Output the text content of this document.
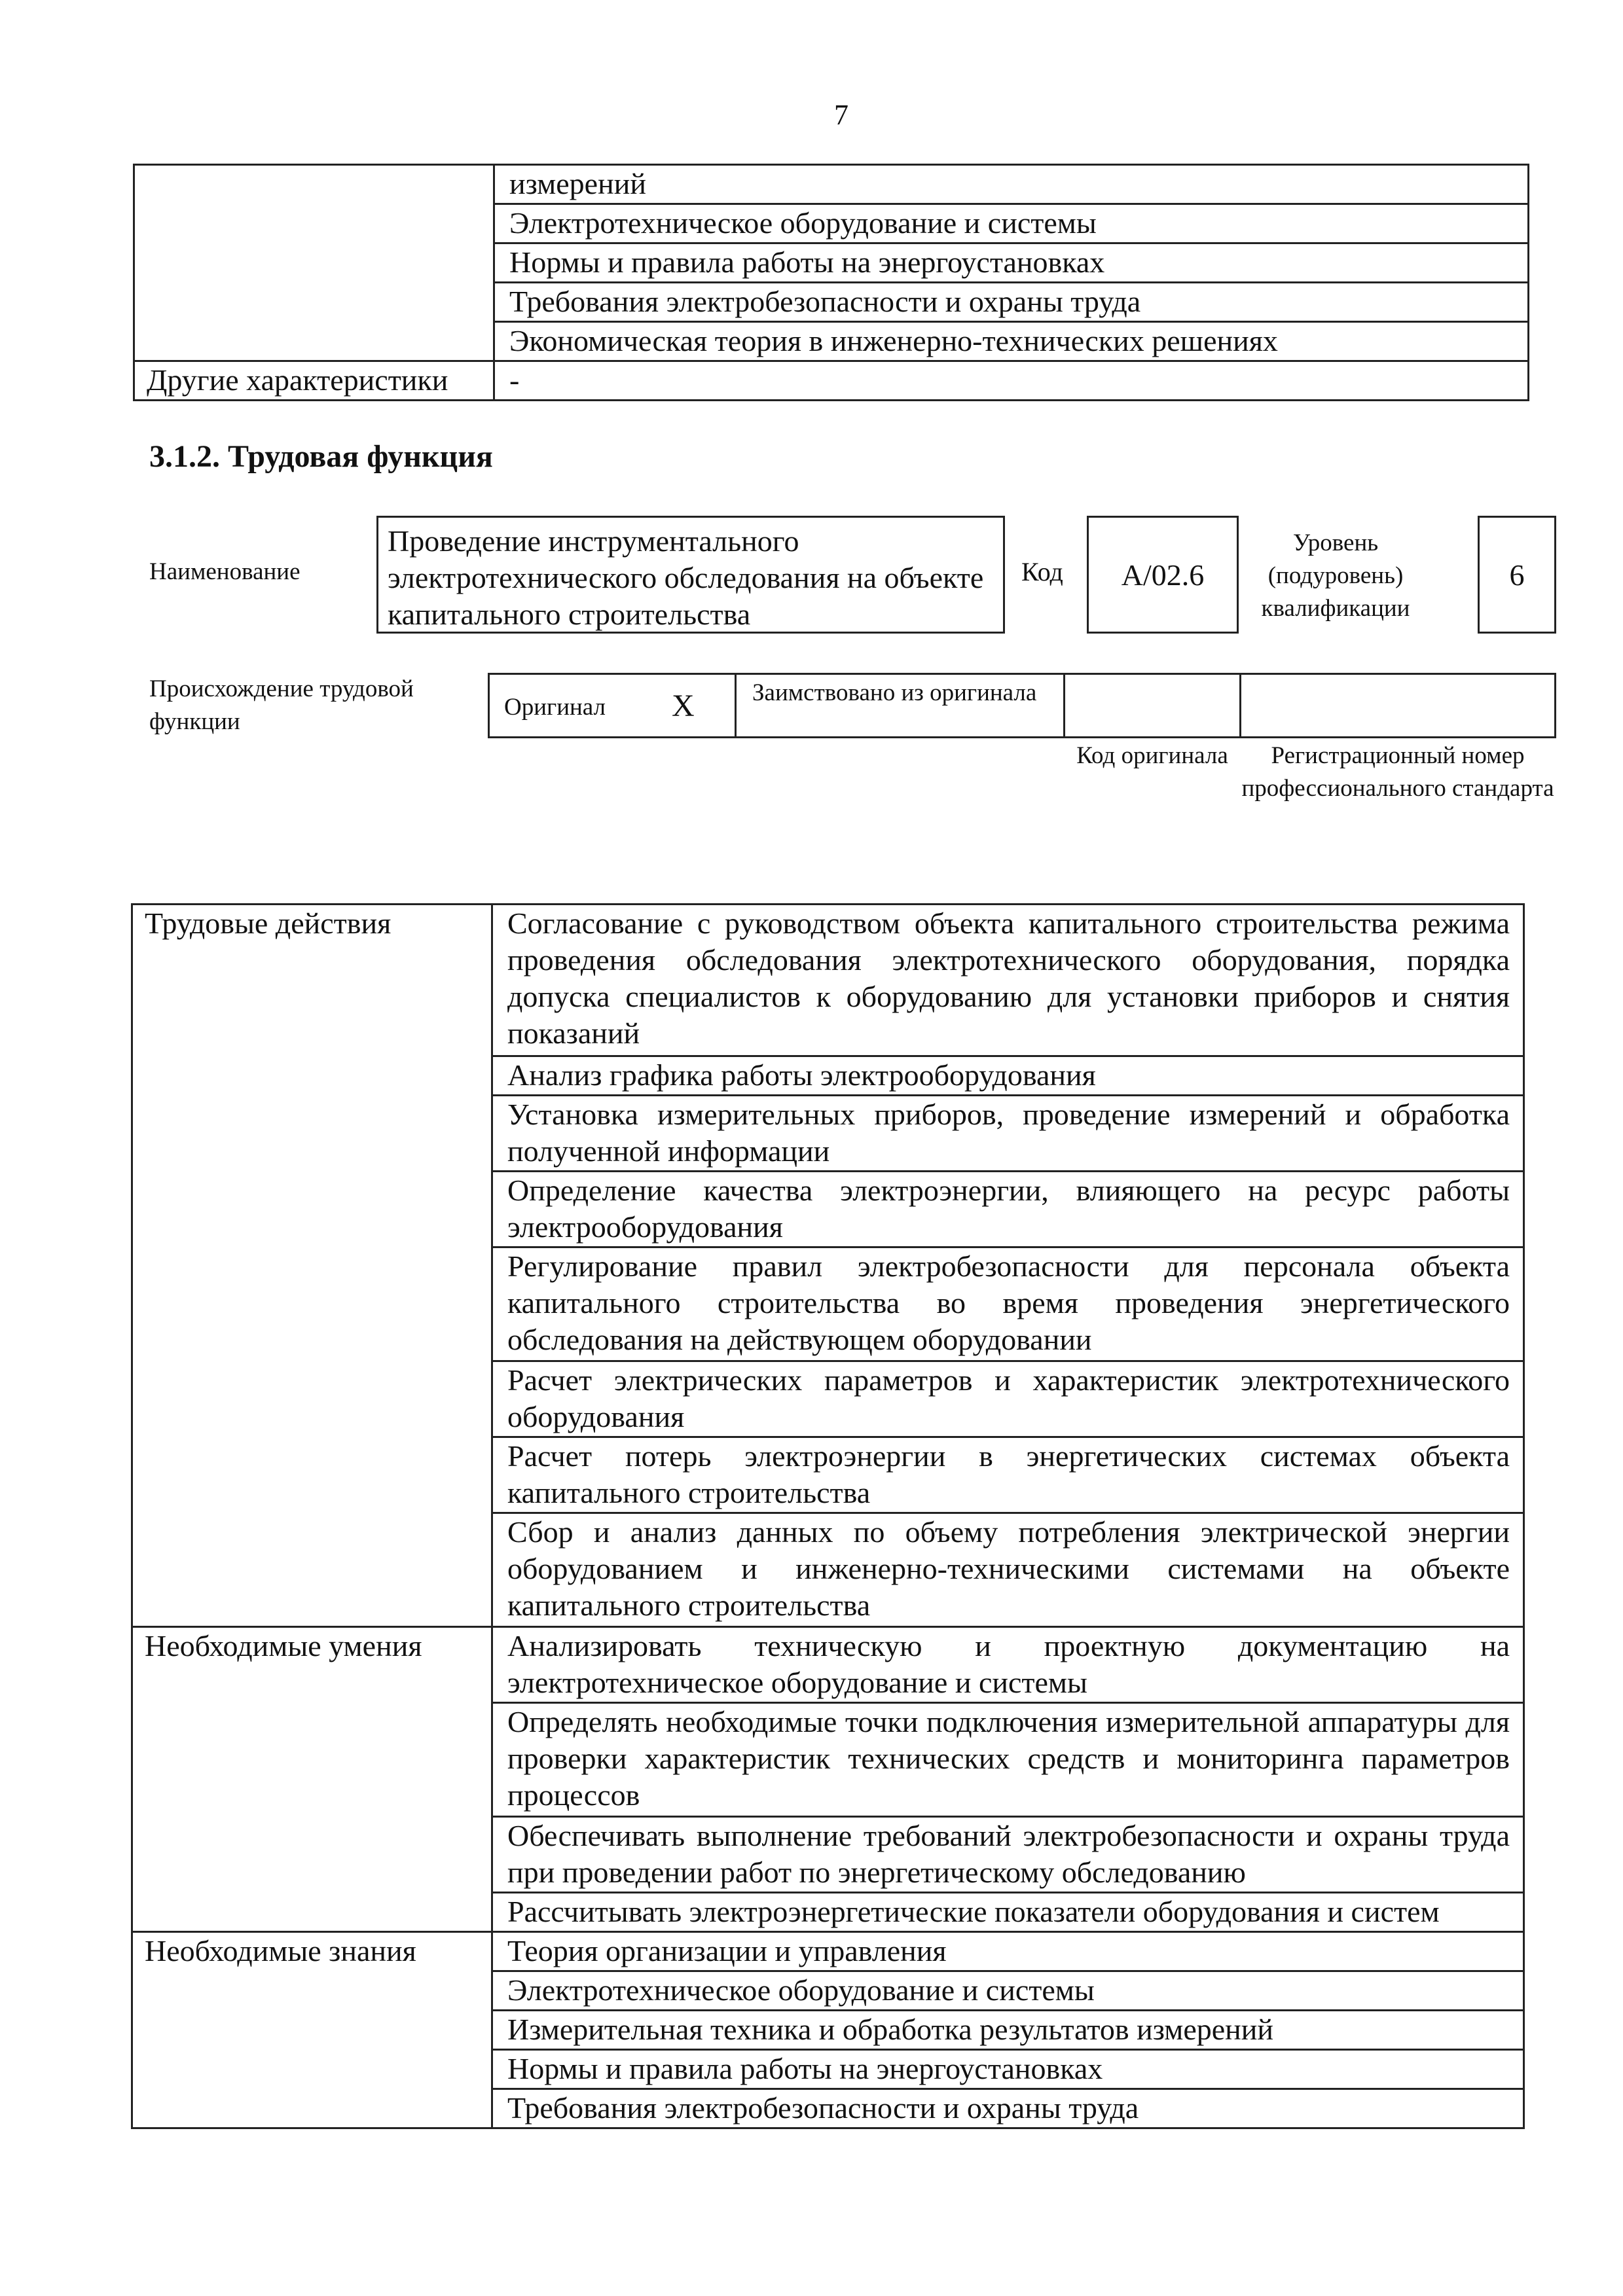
7
	измерений
	Электротехническое оборудование и системы
	Нормы и правила работы на энергоустановках
	Требования электробезопасности и охраны труда
	Экономическая теория в инженерно-технических решениях
Другие характеристики	-
3.1.2. Трудовая функция
Наименование
Проведение инструментального электротехнического обследования на объекте капитального строительства
Код А/02.6
Уровень (подуровень) квалификации
6
Происхождение трудовой функции
Оригинал X	Заимствовано из оригинала
Код оригинала	Регистрационный номер профессионального стандарта
Трудовые действия	Согласование с руководством объекта капитального строительства режима проведения обследования электротехнического оборудования, порядка допуска специалистов к оборудованию для установки приборов и снятия показаний
	Анализ графика работы электрооборудования
	Установка измерительных приборов, проведение измерений и обработка полученной информации
	Определение качества электроэнергии, влияющего на ресурс работы электрооборудования
	Регулирование правил электробезопасности для персонала объекта капитального строительства во время проведения энергетического обследования на действующем оборудовании
	Расчет электрических параметров и характеристик электротехнического оборудования
	Расчет потерь электроэнергии в энергетических системах объекта капитального строительства
	Сбор и анализ данных по объему потребления электрической энергии оборудованием и инженерно-техническими системами на объекте капитального строительства
Необходимые умения	Анализировать техническую и проектную документацию на электротехническое оборудование и системы
	Определять необходимые точки подключения измерительной аппаратуры для проверки характеристик технических средств и мониторинга параметров процессов
	Обеспечивать выполнение требований электробезопасности и охраны труда при проведении работ по энергетическому обследованию
	Рассчитывать электроэнергетические показатели оборудования и систем
Необходимые знания	Теория организации и управления
	Электротехническое оборудование и системы
	Измерительная техника и обработка результатов измерений
	Нормы и правила работы на энергоустановках
	Требования электробезопасности и охраны труда
